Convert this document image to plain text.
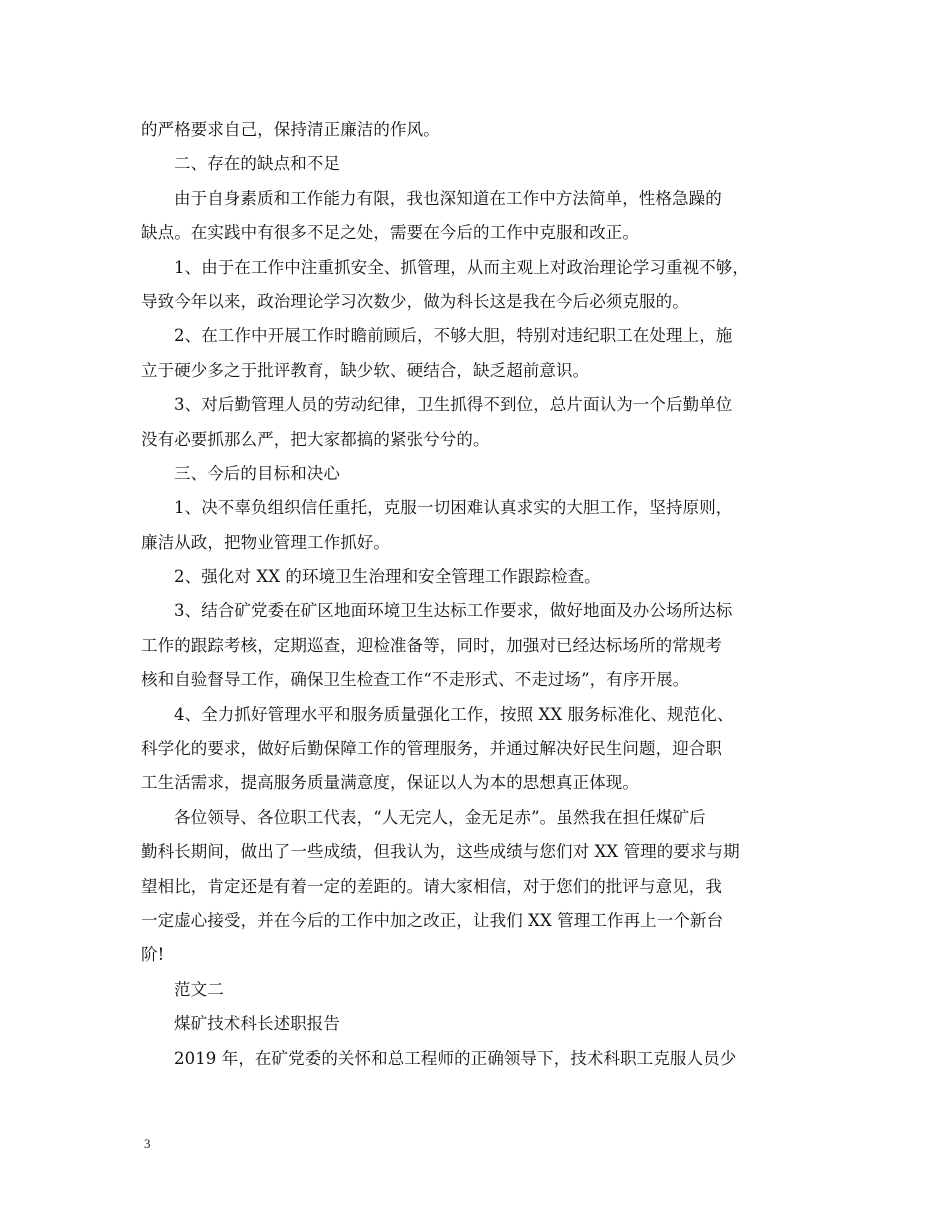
的严格要求自己，保持清正廉洁的作风。
二、存在的缺点和不足
由于自身素质和工作能力有限，我也深知道在工作中方法简单，性格急躁的
缺点。在实践中有很多不足之处，需要在今后的工作中克服和改正。
1、由于在工作中注重抓安全、抓管理，从而主观上对政治理论学习重视不够，
导致今年以来，政治理论学习次数少，做为科长这是我在今后必须克服的。
2、在工作中开展工作时瞻前顾后，不够大胆，特别对违纪职工在处理上，施
立于硬少多之于批评教育，缺少软、硬结合，缺乏超前意识。
3、对后勤管理人员的劳动纪律，卫生抓得不到位，总片面认为一个后勤单位
没有必要抓那么严，把大家都搞的紧张兮兮的。
三、今后的目标和决心
1、决不辜负组织信任重托，克服一切困难认真求实的大胆工作，坚持原则，
廉洁从政，把物业管理工作抓好。
2、强化对 XX 的环境卫生治理和安全管理工作跟踪检查。
3、结合矿党委在矿区地面环境卫生达标工作要求，做好地面及办公场所达标
工作的跟踪考核，定期巡查，迎检准备等，同时，加强对已经达标场所的常规考
核和自验督导工作，确保卫生检查工作“不走形式、不走过场”，有序开展。
4、全力抓好管理水平和服务质量强化工作，按照 XX 服务标准化、规范化、
科学化的要求，做好后勤保障工作的管理服务，并通过解决好民生问题，迎合职
工生活需求，提高服务质量满意度，保证以人为本的思想真正体现。
各位领导、各位职工代表，“人无完人，金无足赤”。虽然我在担任煤矿后
勤科长期间，做出了一些成绩，但我认为，这些成绩与您们对 XX 管理的要求与期
望相比，肯定还是有着一定的差距的。请大家相信，对于您们的批评与意见，我
一定虚心接受，并在今后的工作中加之改正，让我们 XX 管理工作再上一个新台
阶!
范文二
煤矿技术科长述职报告
2019 年，在矿党委的关怀和总工程师的正确领导下，技术科职工克服人员少
3
